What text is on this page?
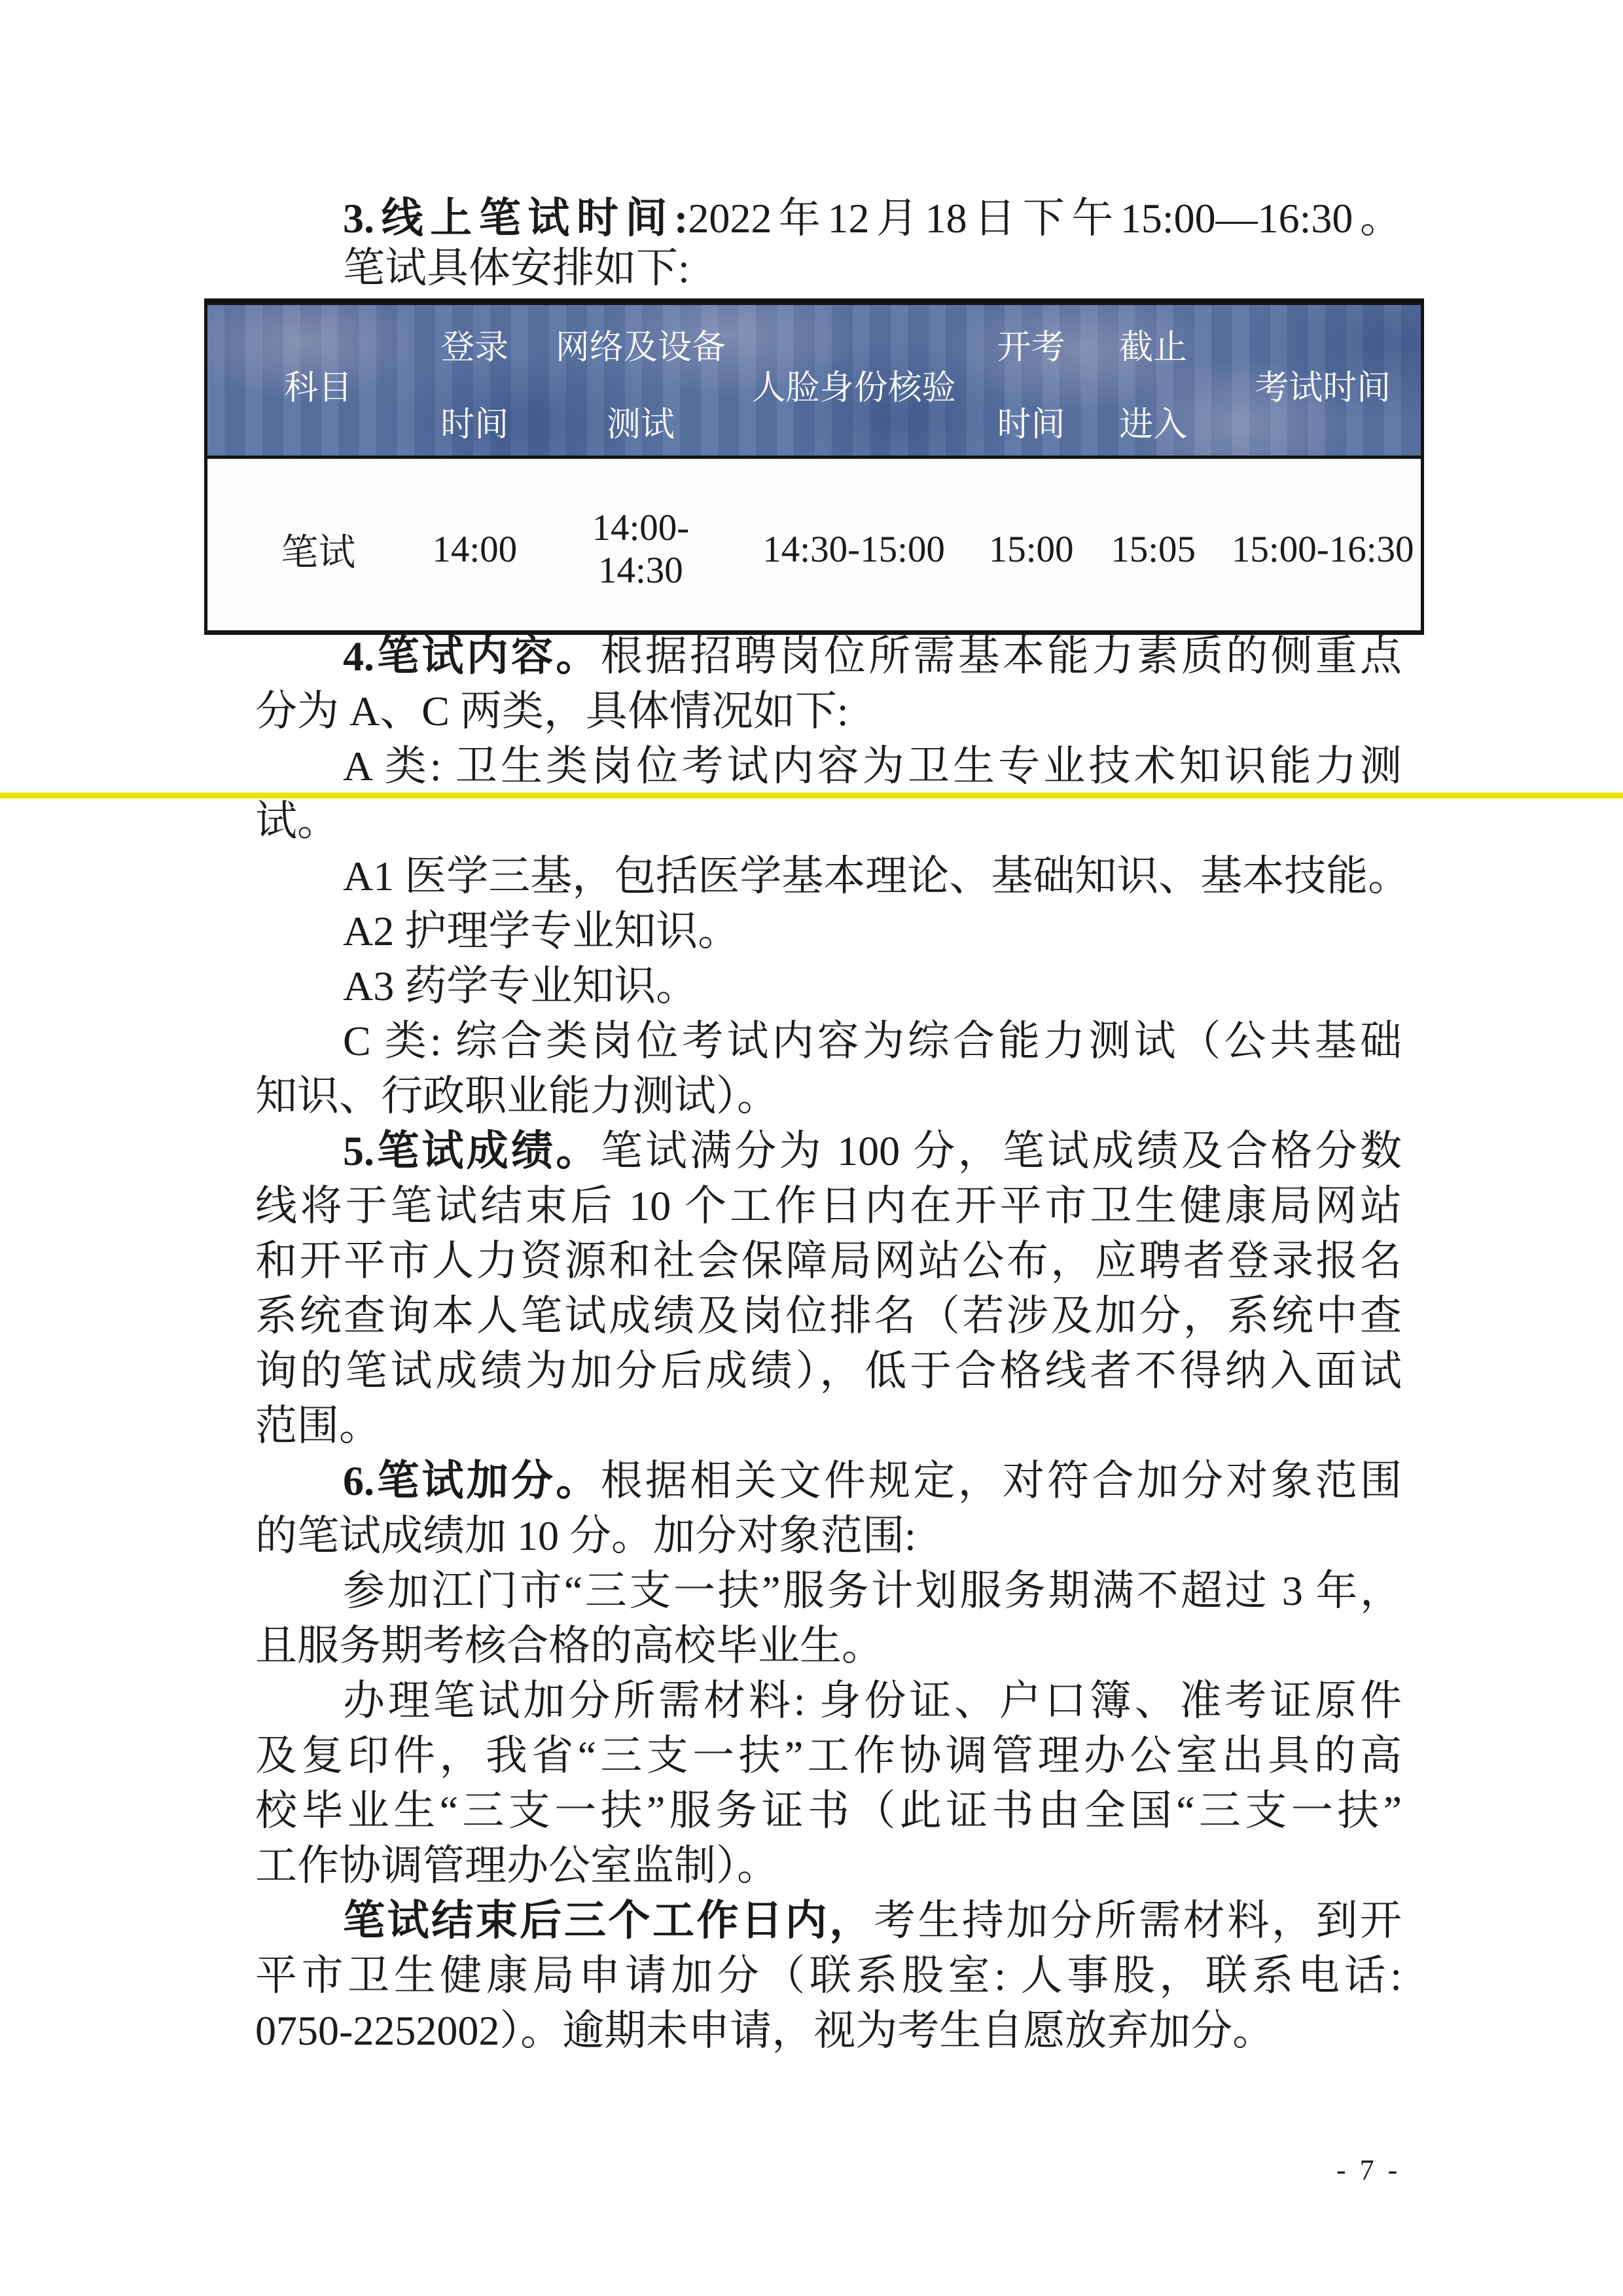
3.线上笔试时间:2022年12月18日下午15:00—16:30。
笔试具体安排如下:
科目
登录
时间
网络及设备
测试
人脸身份核验
开考
时间
截止
进入
考试时间
笔试	14:00
14:00-14:30
14:30-15:00	15:00 15:05 15:00-16:30
4.笔试内容。根据招聘岗位所需基本能力素质的侧重点
分为 A、C 两类，具体情况如下:
A 类: 卫生类岗位考试内容为卫生专业技术知识能力测
试。
A1 医学三基，包括医学基本理论、基础知识、基本技能。
A2 护理学专业知识。
A3 药学专业知识。
C 类: 综合类岗位考试内容为综合能力测试（公共基础
知识、行政职业能力测试）。
5.笔试成绩。笔试满分为 100 分，笔试成绩及合格分数
线将于笔试结束后 10 个工作日内在开平市卫生健康局网站
和开平市人力资源和社会保障局网站公布，应聘者登录报名
系统查询本人笔试成绩及岗位排名（若涉及加分，系统中查
询的笔试成绩为加分后成绩），低于合格线者不得纳入面试
范围。
6.笔试加分。根据相关文件规定，对符合加分对象范围
的笔试成绩加 10 分。加分对象范围:
参加江门市“三支一扶”服务计划服务期满不超过 3 年，
且服务期考核合格的高校毕业生。
办理笔试加分所需材料: 身份证、户口簿、准考证原件
及复印件，我省“三支一扶”工作协调管理办公室出具的高
校毕业生“三支一扶”服务证书（此证书由全国“三支一扶”
工作协调管理办公室监制）。
笔试结束后三个工作日内，考生持加分所需材料，到开
平市卫生健康局申请加分（联系股室: 人事股，联系电话:
0750-2252002）。逾期未申请，视为考生自愿放弃加分。
- 7 -
